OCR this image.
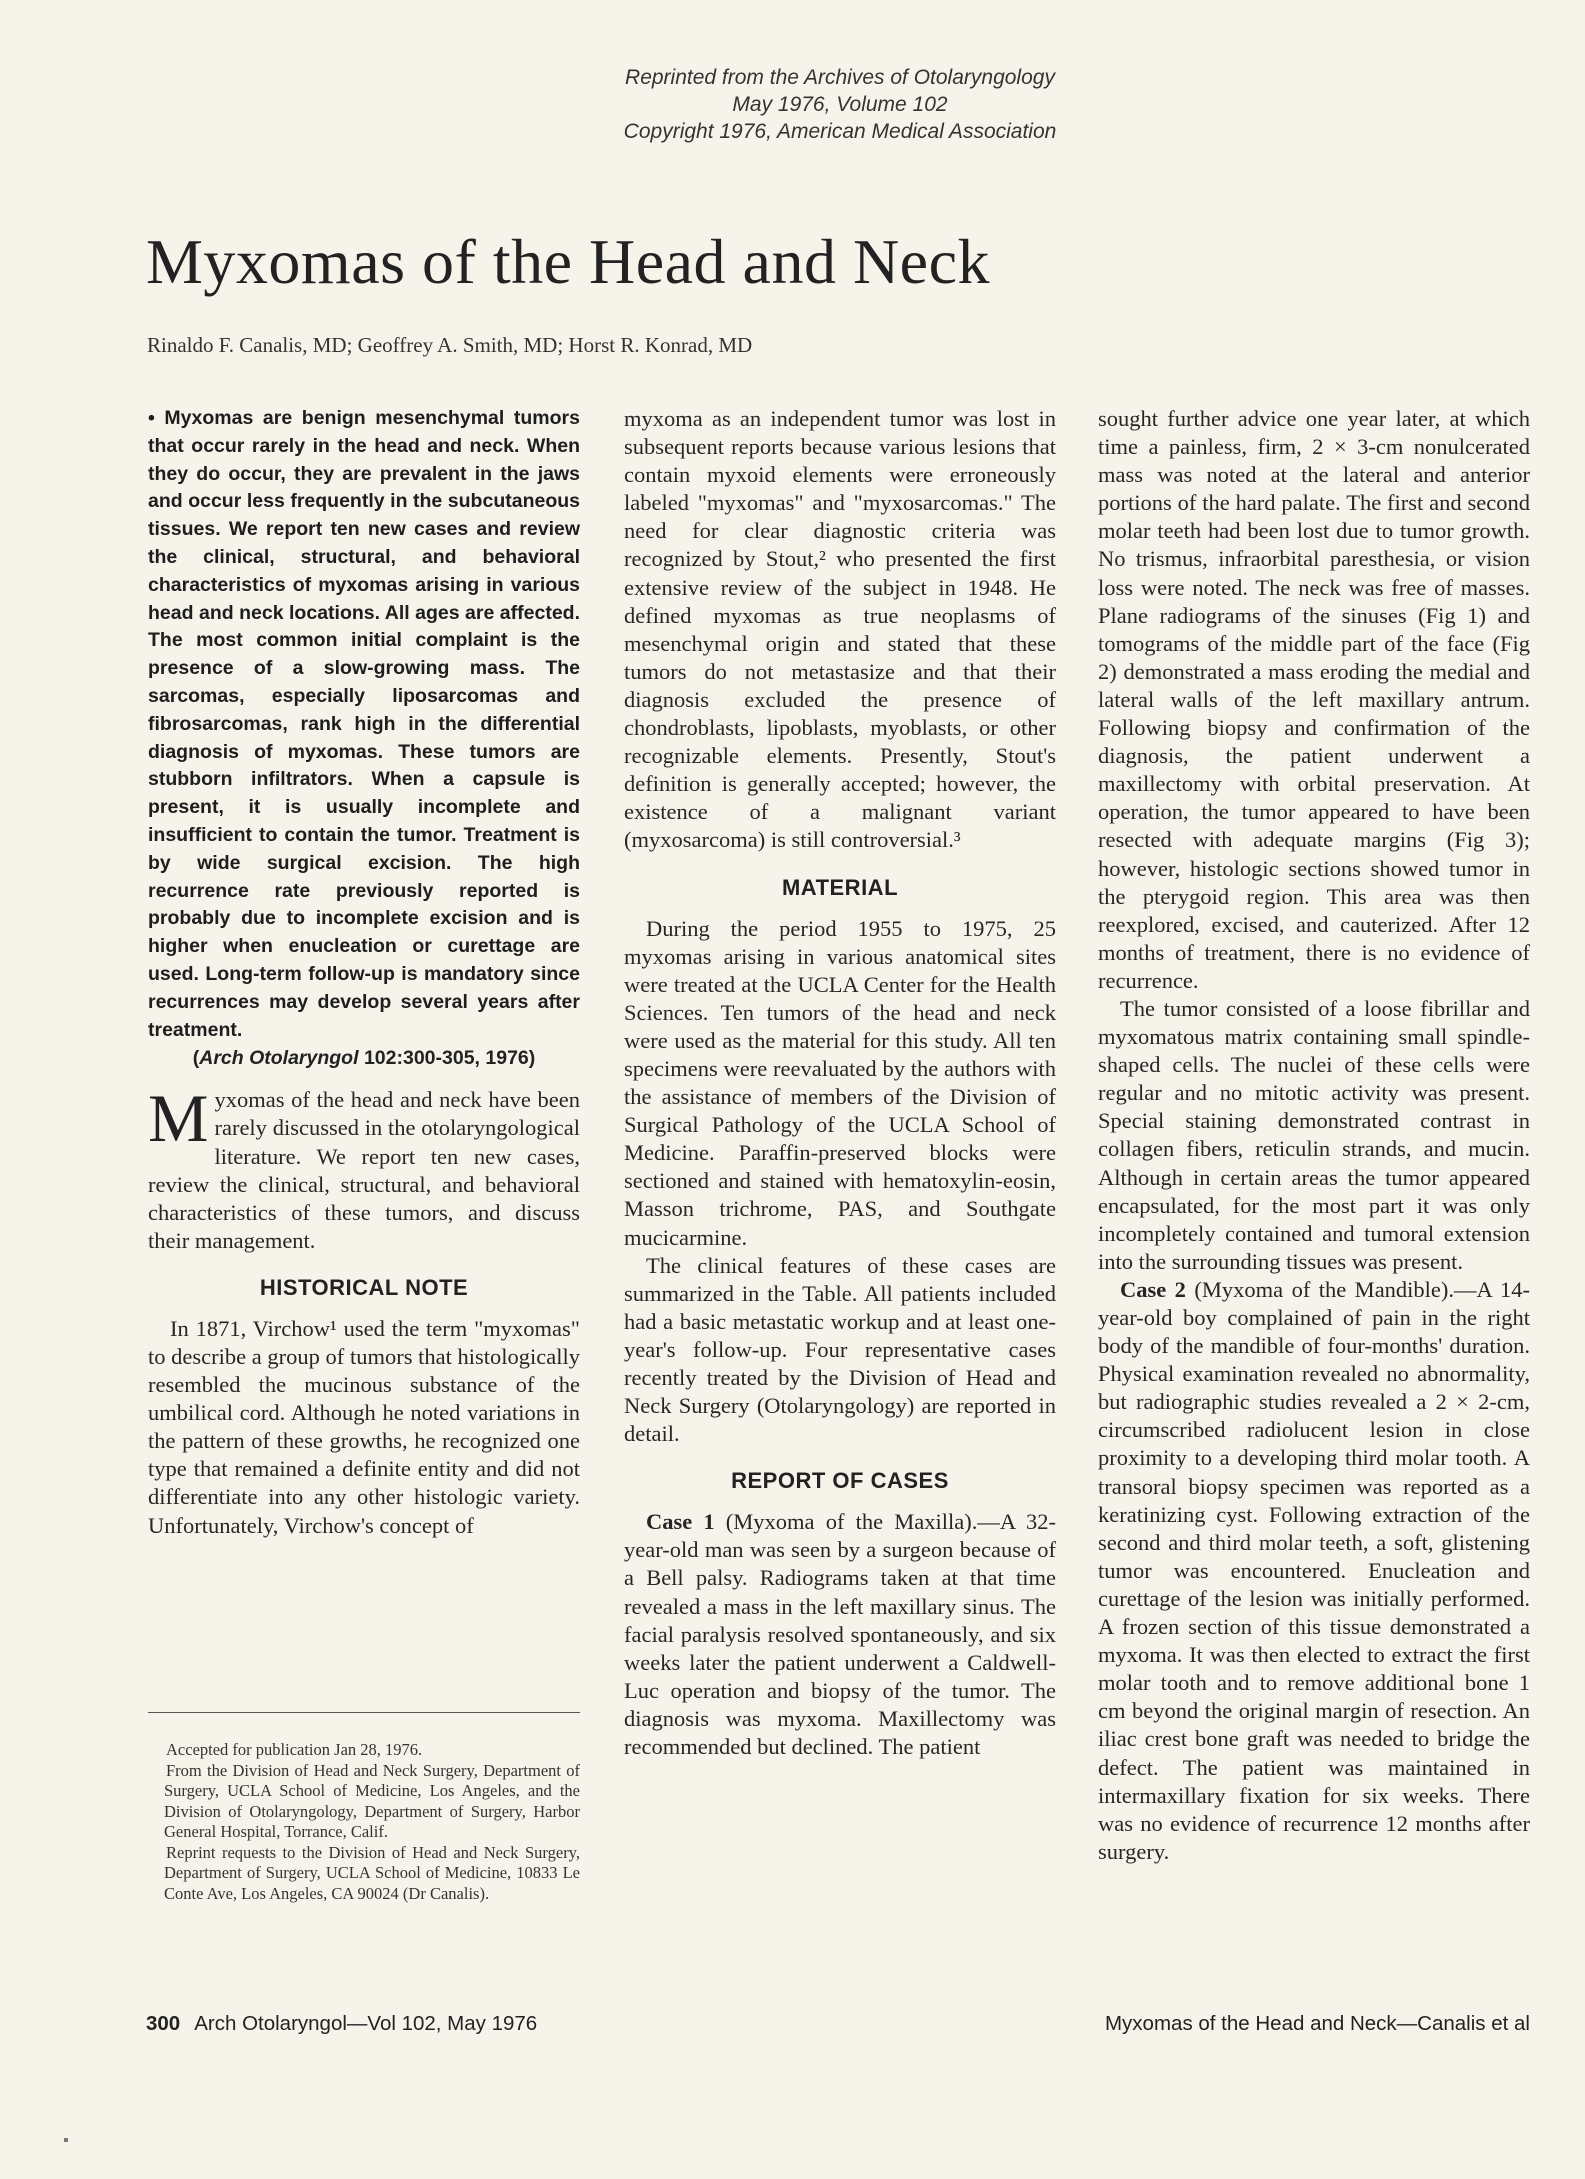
Reprinted from the Archives of Otolaryngology
May 1976, Volume 102
Copyright 1976, American Medical Association
Myxomas of the Head and Neck
Rinaldo F. Canalis, MD; Geoffrey A. Smith, MD; Horst R. Konrad, MD
• Myxomas are benign mesenchymal tumors that occur rarely in the head and neck. When they do occur, they are prevalent in the jaws and occur less frequently in the subcutaneous tissues. We report ten new cases and review the clinical, structural, and behavioral characteristics of myxomas arising in various head and neck locations. All ages are affected. The most common initial complaint is the presence of a slow-growing mass. The sarcomas, especially liposarcomas and fibrosarcomas, rank high in the differential diagnosis of myxomas. These tumors are stubborn infiltrators. When a capsule is present, it is usually incomplete and insufficient to contain the tumor. Treatment is by wide surgical excision. The high recurrence rate previously reported is probably due to incomplete excision and is higher when enucleation or curettage are used. Long-term follow-up is mandatory since recurrences may develop several years after treatment.
(Arch Otolaryngol 102:300-305, 1976)

Myxomas of the head and neck have been rarely discussed in the otolaryngological literature. We report ten new cases, review the clinical, structural, and behavioral characteristics of these tumors, and discuss their management.

HISTORICAL NOTE

In 1871, Virchow¹ used the term "myxomas" to describe a group of tumors that histologically resembled the mucinous substance of the umbilical cord. Although he noted variations in the pattern of these growths, he recognized one type that remained a definite entity and did not differentiate into any other histologic variety. Unfortunately, Virchow's concept of

Accepted for publication Jan 28, 1976.

From the Division of Head and Neck Surgery, Department of Surgery, UCLA School of Medicine, Los Angeles, and the Division of Otolaryngology, Department of Surgery, Harbor General Hospital, Torrance, Calif.

Reprint requests to the Division of Head and Neck Surgery, Department of Surgery, UCLA School of Medicine, 10833 Le Conte Ave, Los Angeles, CA 90024 (Dr Canalis).

myxoma as an independent tumor was lost in subsequent reports because various lesions that contain myxoid elements were erroneously labeled "myxomas" and "myxosarcomas." The need for clear diagnostic criteria was recognized by Stout,² who presented the first extensive review of the subject in 1948. He defined myxomas as true neoplasms of mesenchymal origin and stated that these tumors do not metastasize and that their diagnosis excluded the presence of chondroblasts, lipoblasts, myoblasts, or other recognizable elements. Presently, Stout's definition is generally accepted; however, the existence of a malignant variant (myxosarcoma) is still controversial.³

MATERIAL

During the period 1955 to 1975, 25 myxomas arising in various anatomical sites were treated at the UCLA Center for the Health Sciences. Ten tumors of the head and neck were used as the material for this study. All ten specimens were reevaluated by the authors with the assistance of members of the Division of Surgical Pathology of the UCLA School of Medicine. Paraffin-preserved blocks were sectioned and stained with hematoxylin-eosin, Masson trichrome, PAS, and Southgate mucicarmine.

The clinical features of these cases are summarized in the Table. All patients included had a basic metastatic workup and at least one-year's follow-up. Four representative cases recently treated by the Division of Head and Neck Surgery (Otolaryngology) are reported in detail.

REPORT OF CASES

Case 1 (Myxoma of the Maxilla).—A 32-year-old man was seen by a surgeon because of a Bell palsy. Radiograms taken at that time revealed a mass in the left maxillary sinus. The facial paralysis resolved spontaneously, and six weeks later the patient underwent a Caldwell-Luc operation and biopsy of the tumor. The diagnosis was myxoma. Maxillectomy was recommended but declined. The patient

sought further advice one year later, at which time a painless, firm, 2 × 3-cm nonulcerated mass was noted at the lateral and anterior portions of the hard palate. The first and second molar teeth had been lost due to tumor growth. No trismus, infraorbital paresthesia, or vision loss were noted. The neck was free of masses. Plane radiograms of the sinuses (Fig 1) and tomograms of the middle part of the face (Fig 2) demonstrated a mass eroding the medial and lateral walls of the left maxillary antrum. Following biopsy and confirmation of the diagnosis, the patient underwent a maxillectomy with orbital preservation. At operation, the tumor appeared to have been resected with adequate margins (Fig 3); however, histologic sections showed tumor in the pterygoid region. This area was then reexplored, excised, and cauterized. After 12 months of treatment, there is no evidence of recurrence.

The tumor consisted of a loose fibrillar and myxomatous matrix containing small spindle-shaped cells. The nuclei of these cells were regular and no mitotic activity was present. Special staining demonstrated contrast in collagen fibers, reticulin strands, and mucin. Although in certain areas the tumor appeared encapsulated, for the most part it was only incompletely contained and tumoral extension into the surrounding tissues was present.

Case 2 (Myxoma of the Mandible).—A 14-year-old boy complained of pain in the right body of the mandible of four-months' duration. Physical examination revealed no abnormality, but radiographic studies revealed a 2 × 2-cm, circumscribed radiolucent lesion in close proximity to a developing third molar tooth. A transoral biopsy specimen was reported as a keratinizing cyst. Following extraction of the second and third molar teeth, a soft, glistening tumor was encountered. Enucleation and curettage of the lesion was initially performed. A frozen section of this tissue demonstrated a myxoma. It was then elected to extract the first molar tooth and to remove additional bone 1 cm beyond the original margin of resection. An iliac crest bone graft was needed to bridge the defect. The patient was maintained in intermaxillary fixation for six weeks. There was no evidence of recurrence 12 months after surgery.

300 Arch Otolaryngol—Vol 102, May 1976	Myxomas of the Head and Neck—Canalis et al
